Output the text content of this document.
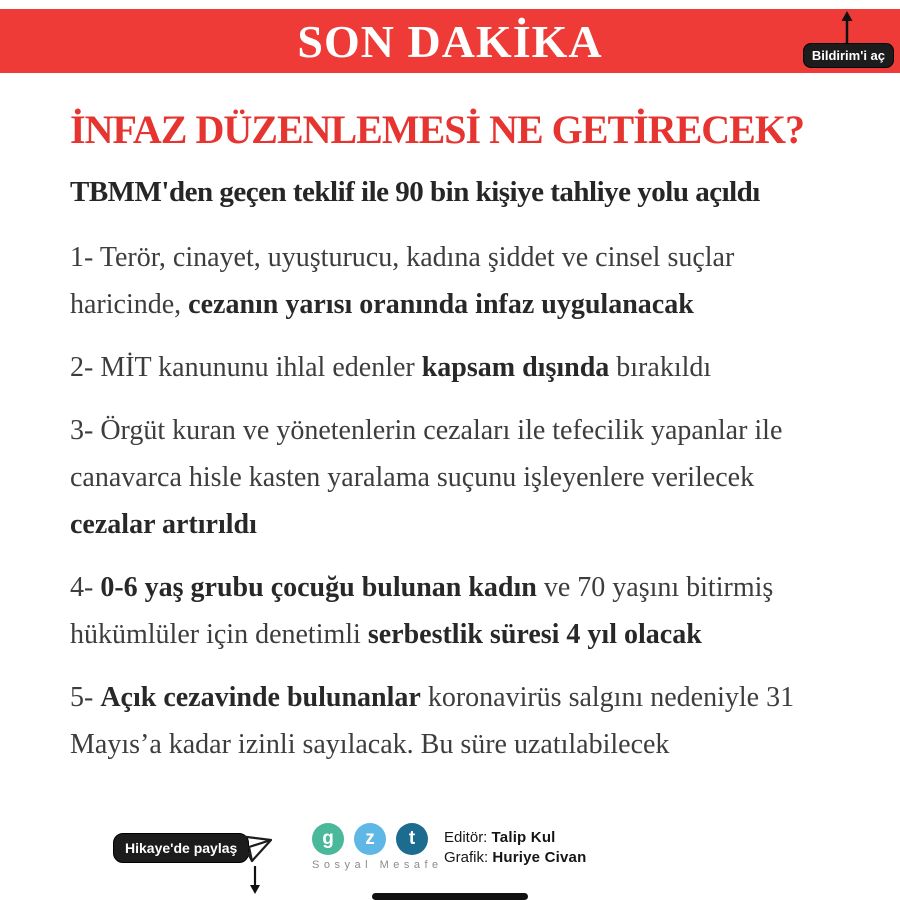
SON DAKİKA	Bildirim'i aç
İNFAZ DÜZENLEMESİ NE GETİRECEK?
TBMM'den geçen teklif ile 90 bin kişiye tahliye yolu açıldı

1- Terör, cinayet, uyuşturucu, kadına şiddet ve cinsel suçlar haricinde, cezanın yarısı oranında infaz uygulanacak

2- MİT kanununu ihlal edenler kapsam dışında bırakıldı

3- Örgüt kuran ve yönetenlerin cezaları ile tefecilik yapanlar ile canavarca hisle kasten yaralama suçunu işleyenlere verilecek cezalar artırıldı

4- 0-6 yaş grubu çocuğu bulunan kadın ve 70 yaşını bitirmiş hükümlüler için denetimli serbestlik süresi 4 yıl olacak

5- Açık cezavinde bulunanlar koronavirüs salgını nedeniyle 31 Mayıs’a kadar izinli sayılacak. Bu süre uzatılabilecek

Hikaye'de paylaş	g	z	t
Sosyal Mesafe
Editör: Talip Kul
Grafik: Huriye Civan
